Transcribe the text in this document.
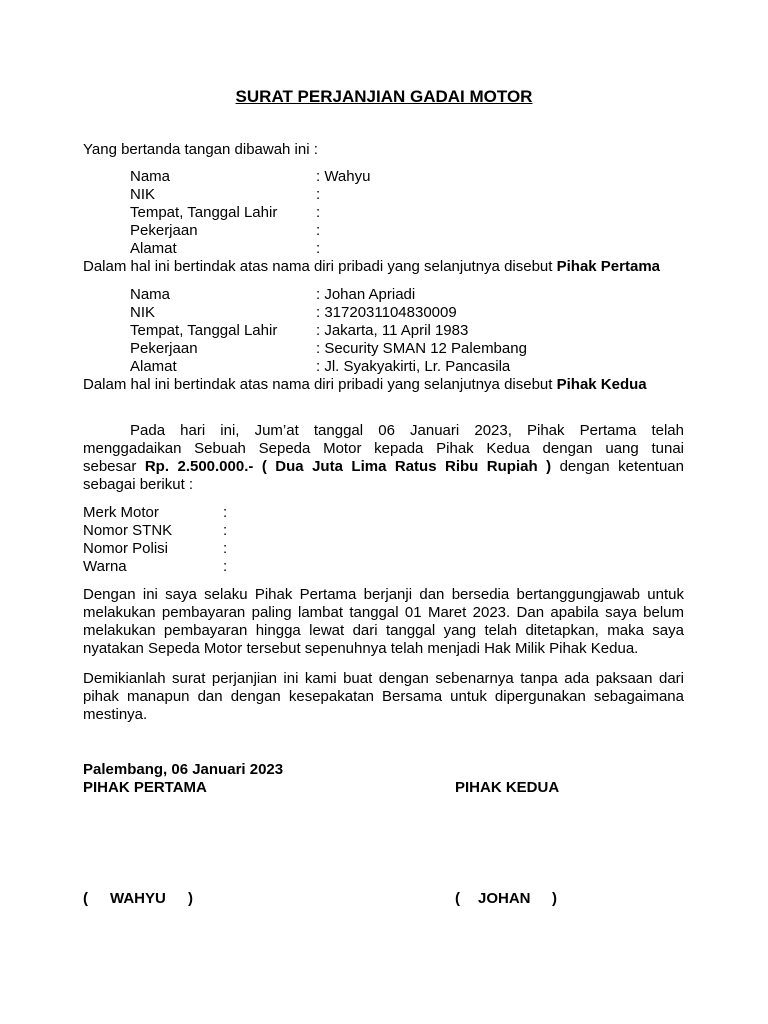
SURAT PERJANJIAN GADAI MOTOR
Yang bertanda tangan dibawah ini :
Nama	: Wahyu
NIK	:
Tempat, Tanggal Lahir	:
Pekerjaan	:
Alamat	:
Dalam hal ini bertindak atas nama diri pribadi yang selanjutnya disebut Pihak Pertama
Nama	: Johan Apriadi
NIK	: 3172031104830009
Tempat, Tanggal Lahir	: Jakarta, 11 April 1983
Pekerjaan	: Security SMAN 12 Palembang
Alamat	: Jl. Syakyakirti, Lr. Pancasila
Dalam hal ini bertindak atas nama diri pribadi yang selanjutnya disebut Pihak Kedua
Pada hari ini, Jum’at tanggal 06 Januari 2023, Pihak Pertama telah
menggadaikan Sebuah Sepeda Motor kepada Pihak Kedua dengan uang tunai
sebesar Rp. 2.500.000.- ( Dua Juta Lima Ratus Ribu Rupiah ) dengan ketentuan
sebagai berikut :
Merk Motor	:
Nomor STNK	:
Nomor Polisi	:
Warna	:
Dengan ini saya selaku Pihak Pertama berjanji dan bersedia bertanggungjawab untuk
melakukan pembayaran paling lambat tanggal 01 Maret 2023. Dan apabila saya belum
melakukan pembayaran hingga lewat dari tanggal yang telah ditetapkan, maka saya
nyatakan Sepeda Motor tersebut sepenuhnya telah menjadi Hak Milik Pihak Kedua.
Demikianlah surat perjanjian ini kami buat dengan sebenarnya tanpa ada paksaan dari
pihak manapun dan dengan kesepakatan Bersama untuk dipergunakan sebagaimana
mestinya.
Palembang, 06 Januari 2023
PIHAK PERTAMA	PIHAK KEDUA
( WAHYU )	( JOHAN )
